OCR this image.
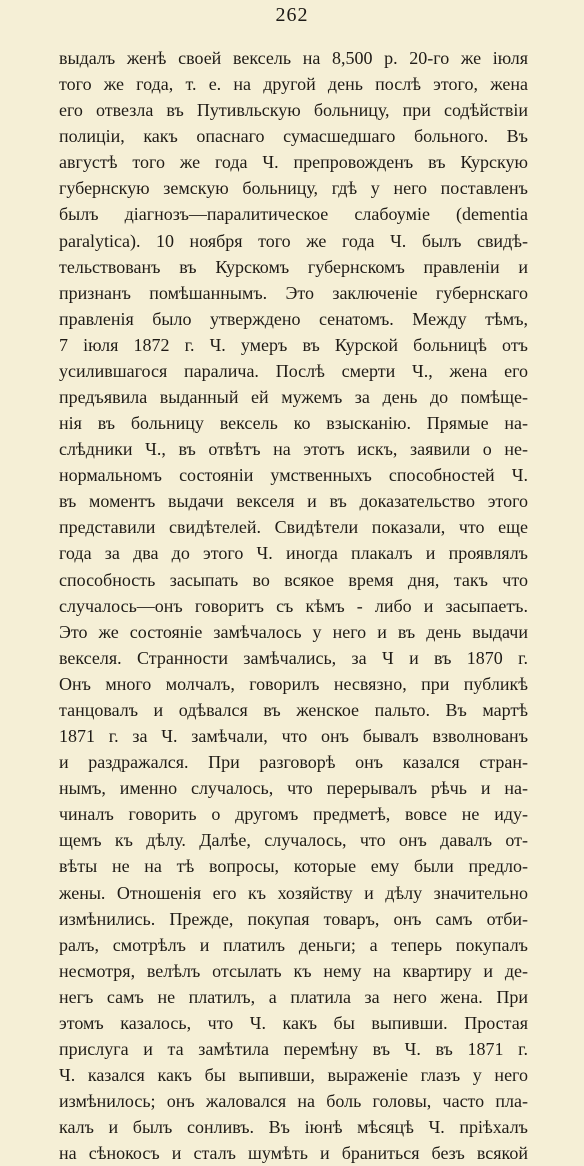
262
выдалъ женѣ своей вексель на 8,500 р. 20-го же іюля
того же года, т. е. на другой день послѣ этого, жена
его отвезла въ Путивльскую больницу, при содѣйствіи
полиціи, какъ опаснаго сумасшедшаго больного. Въ
августѣ того же года Ч. препровожденъ въ Курскую
губернскую земскую больницу, гдѣ у него поставленъ
былъ діагнозъ—паралитическое слабоуміе (dementia
paralytica). 10 ноября того же года Ч. былъ свидѣ-
тельствованъ въ Курскомъ губернскомъ правленіи и
признанъ помѣшаннымъ. Это заключеніе губернскаго
правленія было утверждено сенатомъ. Между тѣмъ,
7 іюля 1872 г. Ч. умеръ въ Курской больницѣ отъ
усилившагося паралича. Послѣ смерти Ч., жена его
предъявила выданный ей мужемъ за день до помѣще-
нія въ больницу вексель ко взысканію. Прямые на-
слѣдники Ч., въ отвѣтъ на этотъ искъ, заявили о не-
нормальномъ состояніи умственныхъ способностей Ч.
въ моментъ выдачи векселя и въ доказательство этого
представили свидѣтелей. Свидѣтели показали, что еще
года за два до этого Ч. иногда плакалъ и проявлялъ
способность засыпать во всякое время дня, такъ что
случалось—онъ говоритъ съ кѣмъ - либо и засыпаетъ.
Это же состояніе замѣчалось у него и въ день выдачи
векселя. Странности замѣчались, за Ч и въ 1870 г.
Онъ много молчалъ, говорилъ несвязно, при публикѣ
танцовалъ и одѣвался въ женское пальто. Въ мартѣ
1871 г. за Ч. замѣчали, что онъ бывалъ взволнованъ
и раздражался. При разговорѣ онъ казался стран-
нымъ, именно случалось, что перерывалъ рѣчь и на-
чиналъ говорить о другомъ предметѣ, вовсе не иду-
щемъ къ дѣлу. Далѣе, случалось, что онъ давалъ от-
вѣты не на тѣ вопросы, которые ему были предло-
жены. Отношенія его къ хозяйству и дѣлу значительно
измѣнились. Прежде, покупая товаръ, онъ самъ отби-
ралъ, смотрѣлъ и платилъ деньги; а теперь покупалъ
несмотря, велѣлъ отсылать къ нему на квартиру и де-
негъ самъ не платилъ, а платила за него жена. При
этомъ казалось, что Ч. какъ бы выпивши. Простая
прислуга и та замѣтила перемѣну въ Ч. въ 1871 г.
Ч. казался какъ бы выпивши, выраженіе глазъ у него
измѣнилось; онъ жаловался на боль головы, часто пла-
калъ и былъ сонливъ. Въ іюнѣ мѣсяцѣ Ч. пріѣхалъ
на сѣнокосъ и сталъ шумѣть и браниться безъ всякой
